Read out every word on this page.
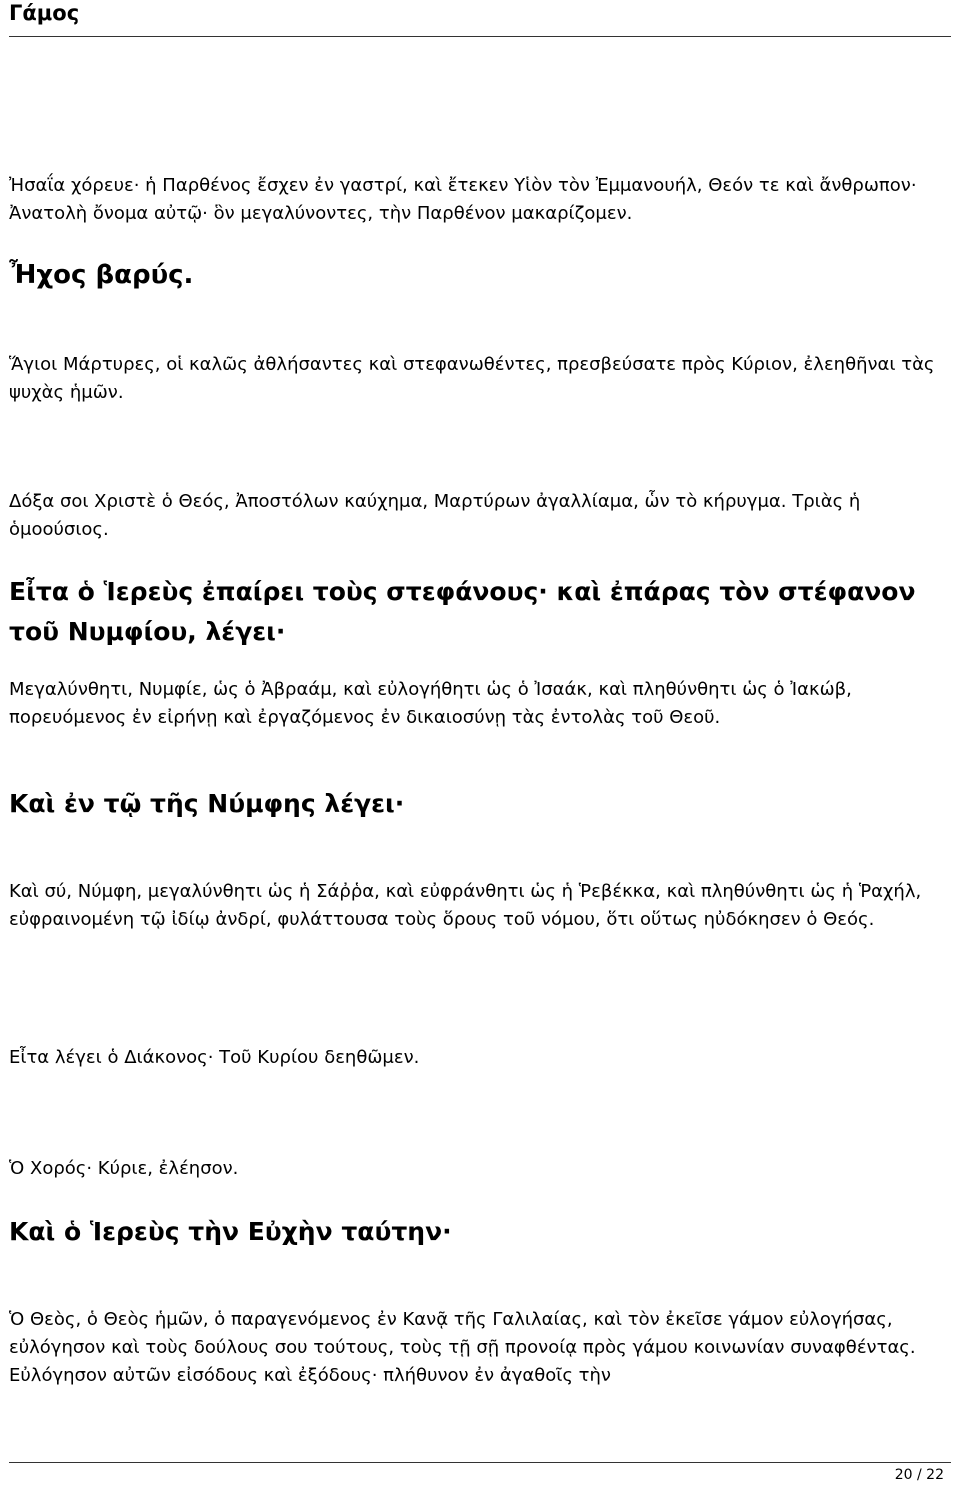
Γάμος

Ἠσαΐα χόρευε· ἡ Παρθένος ἔσχεν ἐν γαστρί, καὶ ἔτεκεν Υἱὸν τὸν Ἐμμανουήλ, Θεόν τε καὶ ἄνθρωπον· Ἀνατολὴ ὄνομα αὐτῷ· ὃν μεγαλύνοντες, τὴν Παρθένον μακαρίζομεν.

Ἦχος βαρύς.

Ἅγιοι Μάρτυρες, οἱ καλῶς ἀθλήσαντες καὶ στεφανωθέντες, πρεσβεύσατε πρὸς Κύριον, ἐλεηθῆναι τὰς ψυχὰς ἡμῶν.

Δόξα σοι Χριστὲ ὁ Θεός, Ἀποστόλων καύχημα, Μαρτύρων ἀγαλλίαμα, ὧν τὸ κήρυγμα. Τριὰς ἡ ὁμοούσιος.

Εἶτα ὁ Ἱερεὺς ἐπαίρει τοὺς στεφάνους· καὶ ἐπάρας τὸν στέφανον τοῦ Νυμφίου, λέγει·

Μεγαλύνθητι, Νυμφίε, ὡς ὁ Ἀβραάμ, καὶ εὐλογήθητι ὡς ὁ Ἰσαάκ, καὶ πληθύνθητι ὡς ὁ Ἰακώβ, πορευόμενος ἐν εἰρήνῃ καὶ ἐργαζόμενος ἐν δικαιοσύνῃ τὰς ἐντολὰς τοῦ Θεοῦ.

Καὶ ἐν τῷ τῆς Νύμφης λέγει·

Καὶ σύ, Νύμφη, μεγαλύνθητι ὡς ἡ Σάῤῥα, καὶ εὐφράνθητι ὡς ἡ Ῥεβέκκα, καὶ πληθύνθητι ὡς ἡ Ῥαχήλ, εὐφραινομένη τῷ ἰδίῳ ἀνδρί, φυλάττουσα τοὺς ὅρους τοῦ νόμου, ὅτι οὕτως ηὐδόκησεν ὁ Θεός.

Εἶτα λέγει ὁ Διάκονος· Τοῦ Κυρίου δεηθῶμεν.

Ὁ Χορός· Κύριε, ἐλέησον.

Καὶ ὁ Ἱερεὺς τὴν Εὐχὴν ταύτην·

Ὁ Θεὸς, ὁ Θεὸς ἡμῶν, ὁ παραγενόμενος ἐν Κανᾷ τῆς Γαλιλαίας, καὶ τὸν ἐκεῖσε γάμον εὐλογήσας, εὐλόγησον καὶ τοὺς δούλους σου τούτους, τοὺς τῇ σῇ προνοίᾳ πρὸς γάμου κοινωνίαν συναφθέντας. Εὐλόγησον αὐτῶν εἰσόδους καὶ ἐξόδους· πλήθυνον ἐν ἀγαθοῖς τὴν

20 / 22
